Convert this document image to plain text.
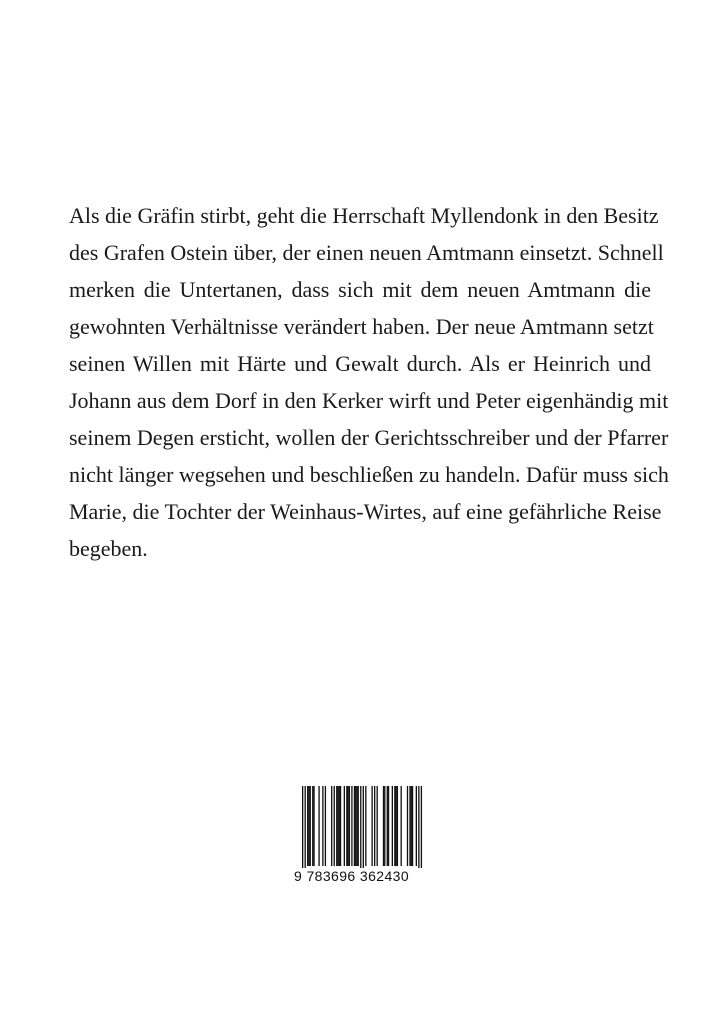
Als die Gräfin stirbt, geht die Herrschaft Myllendonk in den Besitz
des Grafen Ostein über, der einen neuen Amtmann einsetzt. Schnell
merken die Untertanen, dass sich mit dem neuen Amtmann die
gewohnten Verhältnisse verändert haben. Der neue Amtmann setzt
seinen Willen mit Härte und Gewalt durch. Als er Heinrich und
Johann aus dem Dorf in den Kerker wirft und Peter eigenhändig mit
seinem Degen ersticht, wollen der Gerichtsschreiber und der Pfarrer
nicht länger wegsehen und beschließen zu handeln. Dafür muss sich
Marie, die Tochter der Weinhaus-Wirtes, auf eine gefährliche Reise
begeben.
9 783696 362430
